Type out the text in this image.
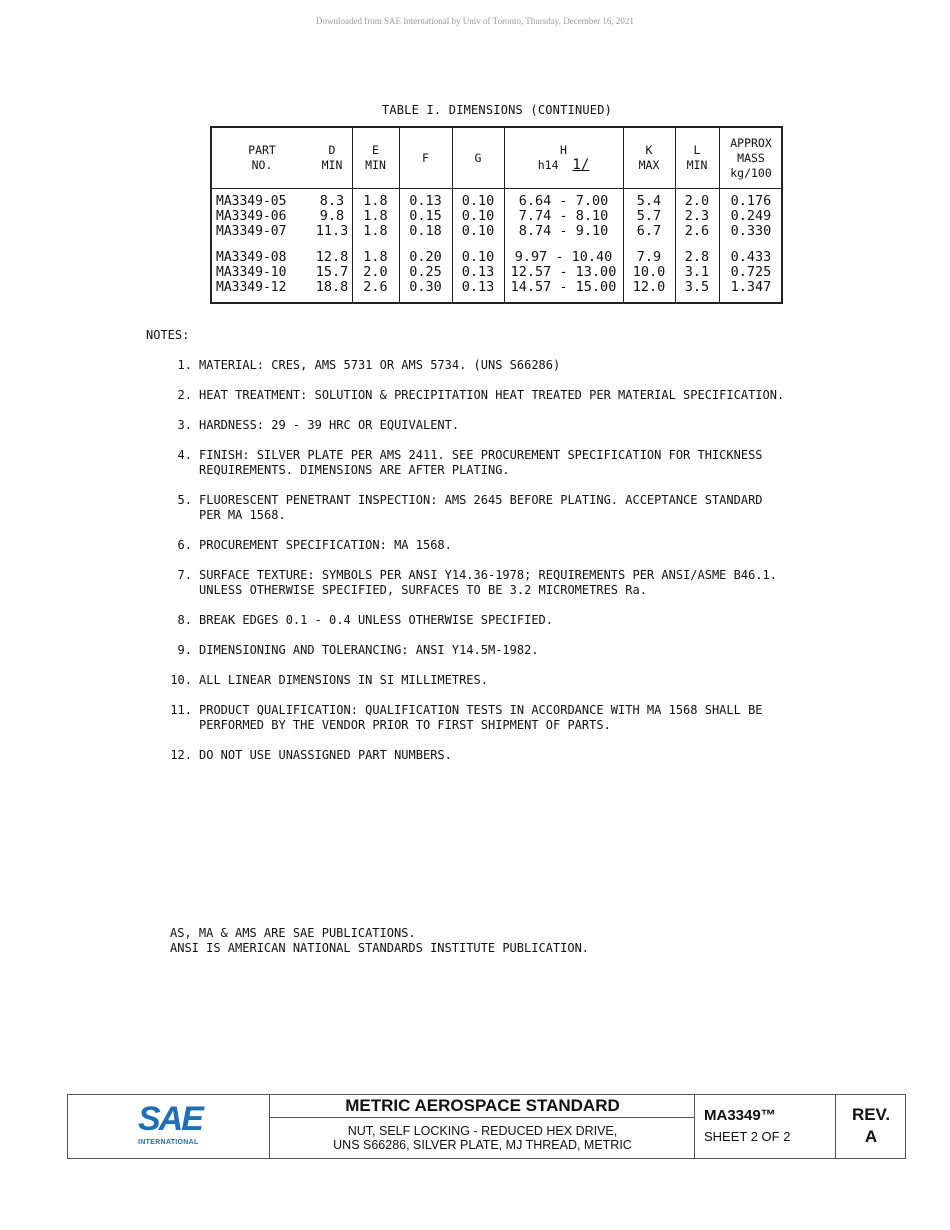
Downloaded from SAE International by Univ of Toronto, Thursday, December 16, 2021
TABLE I. DIMENSIONS (CONTINUED)
PART
NO.
D
MIN
E
MIN
F	G
H
h14 1/
K
MAX
L
MIN
APPROX
MASS
kg/100
MA3349-05
MA3349-06
MA3349-07
MA3349-08
MA3349-10
MA3349-12
8.3
9.8
11.3
12.8
15.7
18.8
1.8
1.8
1.8
1.8
2.0
2.6
0.13
0.15
0.18
0.20
0.25
0.30
0.10
0.10
0.10
0.10
0.13
0.13
6.64 - 7.00
7.74 - 8.10
8.74 - 9.10
9.97 - 10.40
12.57 - 13.00
14.57 - 15.00
5.4
5.7
6.7
7.9
10.0
12.0
2.0
2.3
2.6
2.8
3.1
3.5
0.176
0.249
0.330
0.433
0.725
1.347
NOTES:
1. MATERIAL: CRES, AMS 5731 OR AMS 5734. (UNS S66286)
2. HEAT TREATMENT: SOLUTION & PRECIPITATION HEAT TREATED PER MATERIAL SPECIFICATION.
3. HARDNESS: 29 - 39 HRC OR EQUIVALENT.
4. FINISH: SILVER PLATE PER AMS 2411. SEE PROCUREMENT SPECIFICATION FOR THICKNESS
REQUIREMENTS. DIMENSIONS ARE AFTER PLATING.
5. FLUORESCENT PENETRANT INSPECTION: AMS 2645 BEFORE PLATING. ACCEPTANCE STANDARD
PER MA 1568.
6. PROCUREMENT SPECIFICATION: MA 1568.
7. SURFACE TEXTURE: SYMBOLS PER ANSI Y14.36-1978; REQUIREMENTS PER ANSI/ASME B46.1.
UNLESS OTHERWISE SPECIFIED, SURFACES TO BE 3.2 MICROMETRES Ra.
8. BREAK EDGES 0.1 - 0.4 UNLESS OTHERWISE SPECIFIED.
9. DIMENSIONING AND TOLERANCING: ANSI Y14.5M-1982.
10. ALL LINEAR DIMENSIONS IN SI MILLIMETRES.
11. PRODUCT QUALIFICATION: QUALIFICATION TESTS IN ACCORDANCE WITH MA 1568 SHALL BE
PERFORMED BY THE VENDOR PRIOR TO FIRST SHIPMENT OF PARTS.
12. DO NOT USE UNASSIGNED PART NUMBERS.
AS, MA & AMS ARE SAE PUBLICATIONS.
ANSI IS AMERICAN NATIONAL STANDARDS INSTITUTE PUBLICATION.
SAE
INTERNATIONAL
METRIC AEROSPACE STANDARD
NUT, SELF LOCKING - REDUCED HEX DRIVE,
UNS S66286, SILVER PLATE, MJ THREAD, METRIC
MA3349™
SHEET 2 OF 2
REV.
A
